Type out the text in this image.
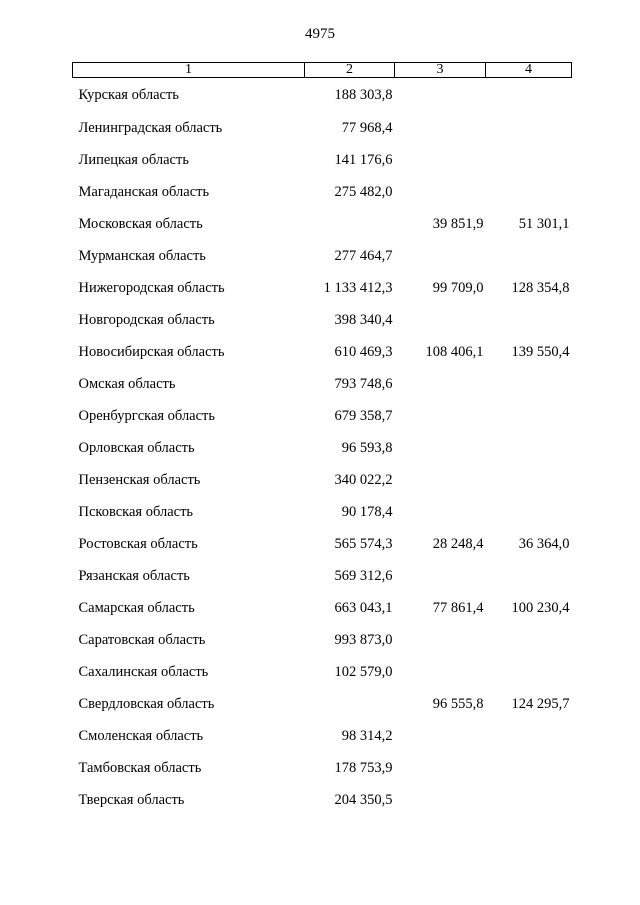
4975
1	2	3	4
Курская область	188 303,8		
Ленинградская область	77 968,4		
Липецкая область	141 176,6		
Магаданская область	275 482,0		
Московская область		39 851,9	51 301,1
Мурманская область	277 464,7		
Нижегородская область	1 133 412,3	99 709,0	128 354,8
Новгородская область	398 340,4		
Новосибирская область	610 469,3	108 406,1	139 550,4
Омская область	793 748,6		
Оренбургская область	679 358,7		
Орловская область	96 593,8		
Пензенская область	340 022,2		
Псковская область	90 178,4		
Ростовская область	565 574,3	28 248,4	36 364,0
Рязанская область	569 312,6		
Самарская область	663 043,1	77 861,4	100 230,4
Саратовская область	993 873,0		
Сахалинская область	102 579,0		
Свердловская область		96 555,8	124 295,7
Смоленская область	98 314,2		
Тамбовская область	178 753,9		
Тверская область	204 350,5		
